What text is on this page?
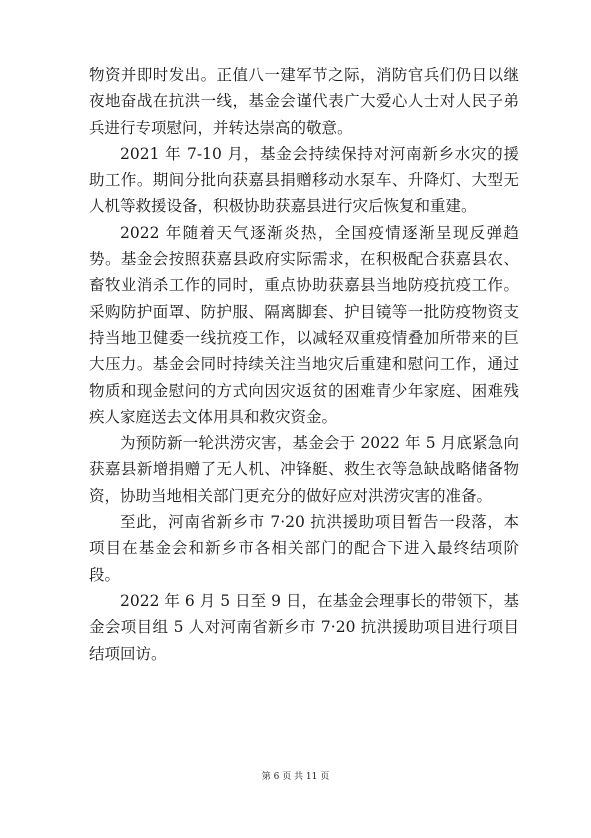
物资并即时发出。正值八一建军节之际，消防官兵们仍日以继夜地奋战在抗洪一线，基金会谨代表广大爱心人士对人民子弟兵进行专项慰问，并转达崇高的敬意。

2021 年 7-10 月，基金会持续保持对河南新乡水灾的援助工作。期间分批向获嘉县捐赠移动水泵车、升降灯、大型无人机等救援设备，积极协助获嘉县进行灾后恢复和重建。

2022 年随着天气逐渐炎热，全国疫情逐渐呈现反弹趋势。基金会按照获嘉县政府实际需求，在积极配合获嘉县农、畜牧业消杀工作的同时，重点协助获嘉县当地防疫抗疫工作。采购防护面罩、防护服、隔离脚套、护目镜等一批防疫物资支持当地卫健委一线抗疫工作，以减轻双重疫情叠加所带来的巨大压力。基金会同时持续关注当地灾后重建和慰问工作，通过物质和现金慰问的方式向因灾返贫的困难青少年家庭、困难残疾人家庭送去文体用具和救灾资金。

为预防新一轮洪涝灾害，基金会于 2022 年 5 月底紧急向获嘉县新增捐赠了无人机、冲锋艇、救生衣等急缺战略储备物资，协助当地相关部门更充分的做好应对洪涝灾害的准备。

至此，河南省新乡市 7·20 抗洪援助项目暂告一段落，本项目在基金会和新乡市各相关部门的配合下进入最终结项阶段。

2022 年 6 月 5 日至 9 日，在基金会理事长的带领下，基金会项目组 5 人对河南省新乡市 7·20 抗洪援助项目进行项目结项回访。

第 6 页 共 11 页
